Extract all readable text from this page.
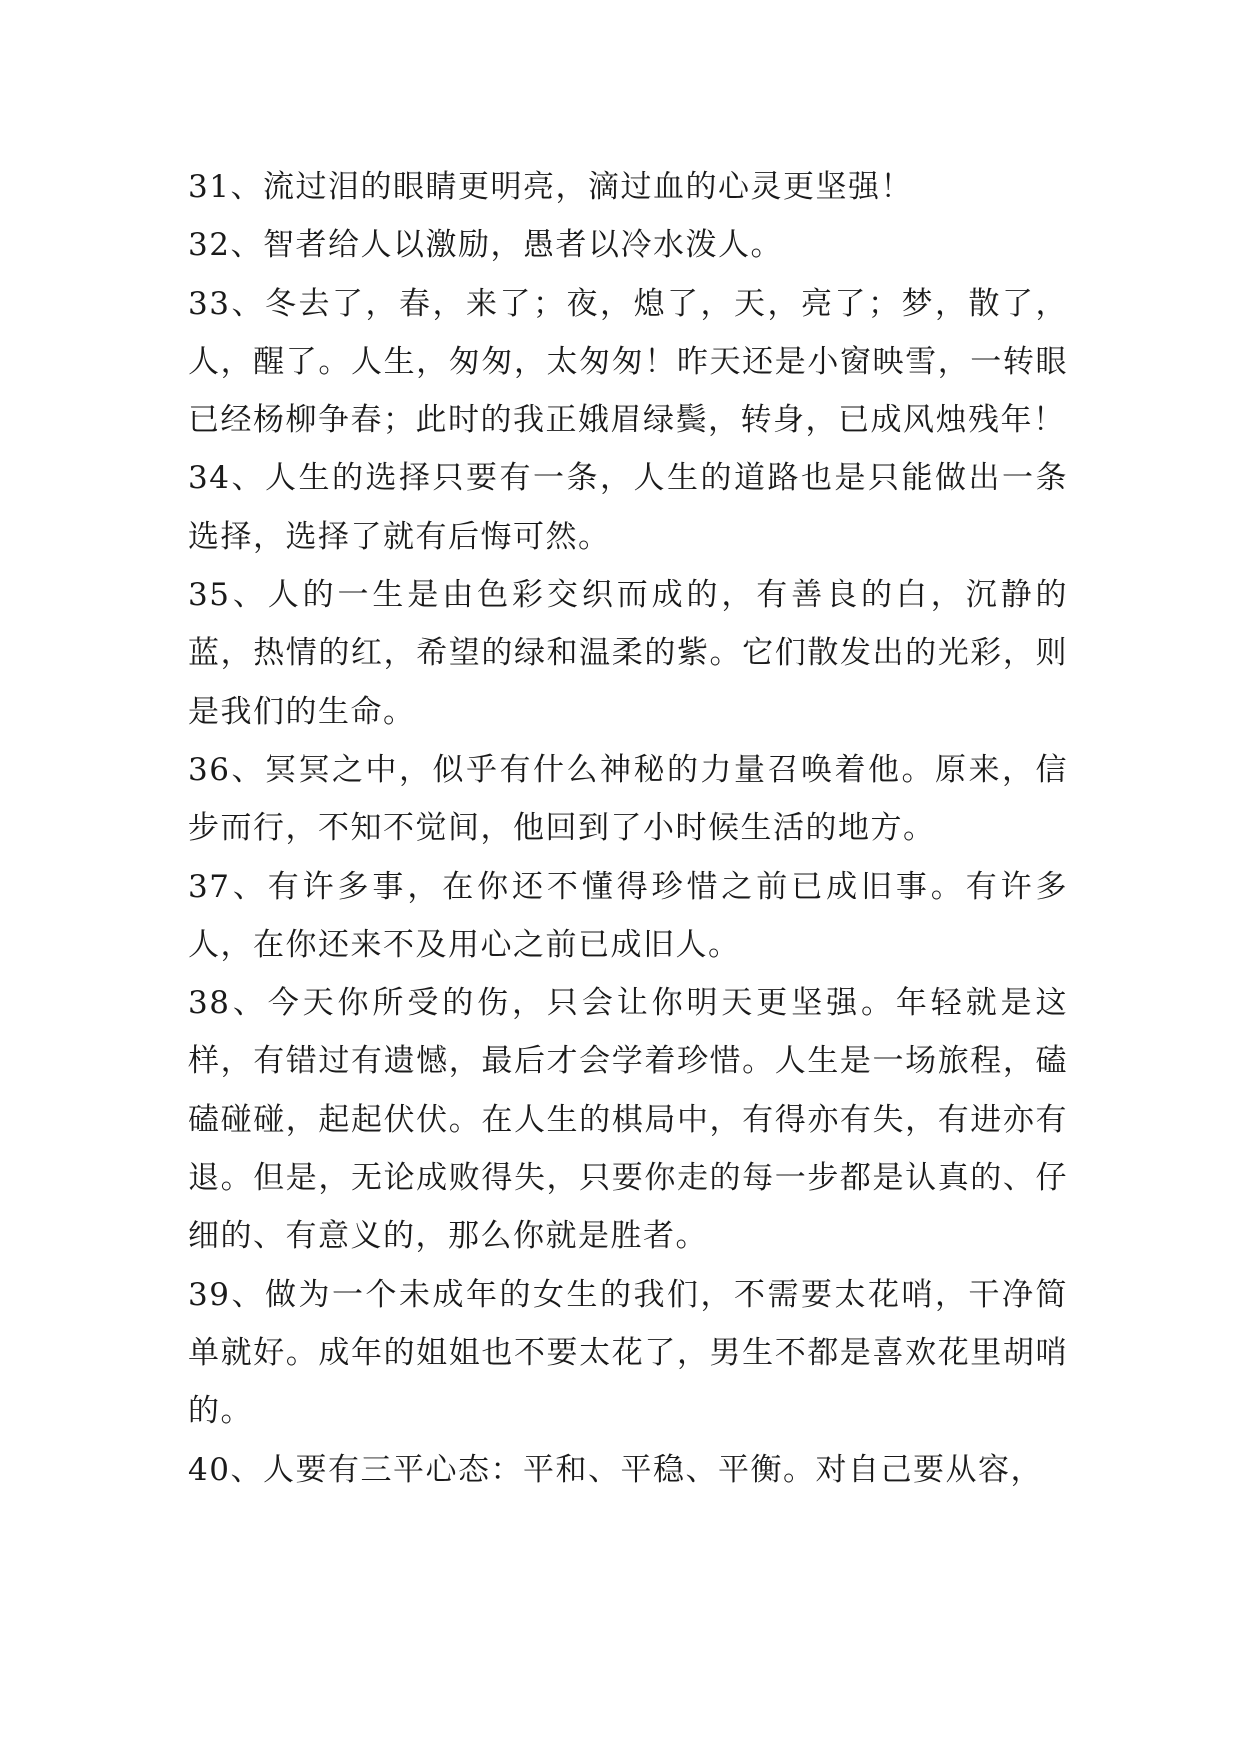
31、流过泪的眼睛更明亮，滴过血的心灵更坚强！

32、智者给人以激励，愚者以冷水泼人。

33、冬去了，春，来了；夜，熄了，天，亮了；梦，散了，人，醒了。人生，匆匆，太匆匆！昨天还是小窗映雪，一转眼已经杨柳争春；此时的我正娥眉绿鬓，转身，已成风烛残年！

34、人生的选择只要有一条，人生的道路也是只能做出一条选择，选择了就有后悔可然。

35、人的一生是由色彩交织而成的，有善良的白，沉静的蓝，热情的红，希望的绿和温柔的紫。它们散发出的光彩，则是我们的生命。

36、冥冥之中，似乎有什么神秘的力量召唤着他。原来，信步而行，不知不觉间，他回到了小时候生活的地方。

37、有许多事，在你还不懂得珍惜之前已成旧事。有许多人，在你还来不及用心之前已成旧人。

38、今天你所受的伤，只会让你明天更坚强。年轻就是这样，有错过有遗憾，最后才会学着珍惜。人生是一场旅程，磕磕碰碰，起起伏伏。在人生的棋局中，有得亦有失，有进亦有退。但是，无论成败得失，只要你走的每一步都是认真的、仔细的、有意义的，那么你就是胜者。

39、做为一个未成年的女生的我们，不需要太花哨，干净简单就好。成年的姐姐也不要太花了，男生不都是喜欢花里胡哨的。

40、人要有三平心态：平和、平稳、平衡。对自己要从容，
